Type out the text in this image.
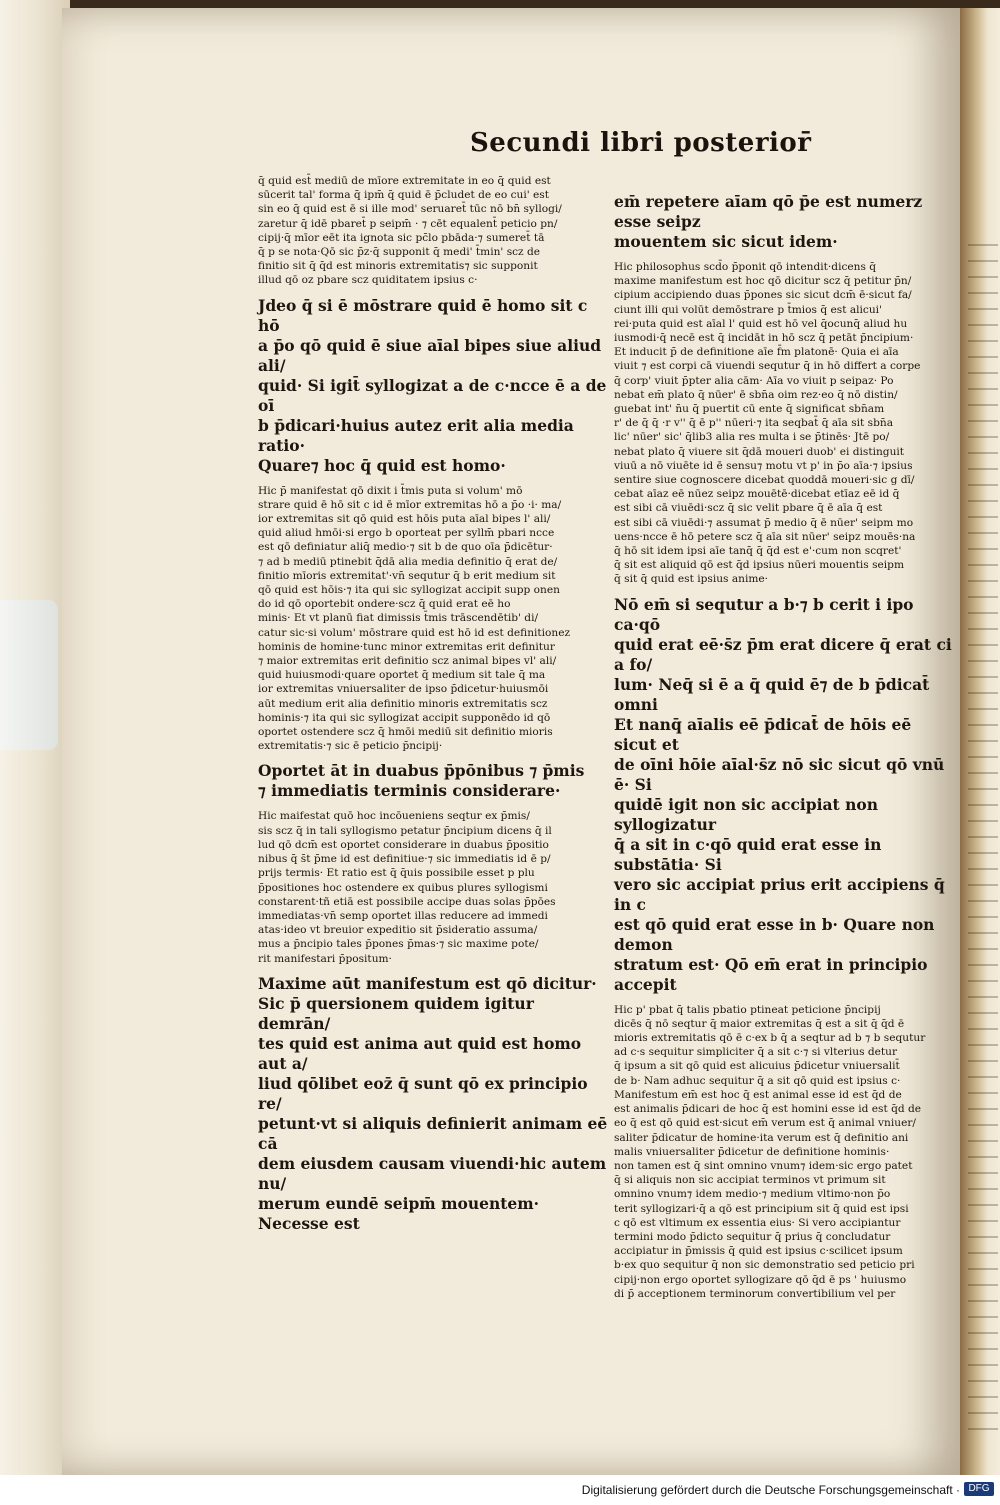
Secundi libri posterior̄

q̄ quid est̄ mediū de mīore extremitate in eo q̄ quid est

sūcerit tal' forma q̄ ipm̄ q̄ quid ē p̄cludet de eo cui' est

sin eo q̄ quid est ē si ille mod' seruaret̄ tūc nō bn̄ syllogi/

zaretur q̄ idē pbaret̄ p seipm̄ · ⁊ cēt equalent̄ peticio pn/

cipij·q̄ mīor eēt ita ignota sic pc̄lo pbāda·⁊ sumeret̄ tā

q̄ p se nota·Qō sic p̄z·q̄ supponit q̄ medi' t̄min' scz de

finitio sit q̄ q̄d est minoris extremitatis⁊ sic supponit

illud qō oz pbare scz quiditatem ipsius c·

Jdeo q̄ si ē mōstrare quid ē homo sit c hō

a p̄o qō quid ē siue aīal bipes siue aliud ali/

quid· Si igit̄ syllogizat a de c·ncce ē a de oī

b p̄dicari·huius autez erit alia media ratio·

Quare⁊ hoc q̄ quid est homo·

Hic p̄ manifestat qō dixit i t̄mis puta si volum' mō

strare quid ē hō sit c id ē mīor extremitas hō a p̄o ·i· ma/

ior extremitas sit qō quid est hōis puta aīal bipes l' ali/

quid aliud hmōi·si ergo b oporteat per syllm̄ pbari ncce

est qō definiatur aliq̄ medio·⁊ sit b de quo oīa p̄dicētur·

⁊ ad b mediū ptinebit q̄dā alia media definitio q̄ erat de/

finitio mīoris extremitat'·vn̄ sequtur q̄ b erit medium sit

qō quid est hōis·⁊ ita qui sic syllogizat accipit supp onen

do id qō oportebit ondere·scz q̄ quid erat eē ho

minis· Et vt planū fiat dimissis t̄mis trāscendētib' di/

catur sic·si volum' mōstrare quid est hō id est definitionez

hominis de homine·tunc minor extremitas erit definitur

⁊ maior extremitas erit definitio scz animal bipes vl' ali/

quid huiusmodi·quare oportet q̄ medium sit tale q̄ ma

ior extremitas vniuersaliter de ipso p̄dicetur·huiusmōi

aūt medium erit alia definitio minoris extremitatis scz

hominis·⁊ ita qui sic syllogizat accipit supponēdo id qō

oportet ostendere scz q̄ hmōi mediū sit definitio mioris

extremitatis·⁊ sic ē peticio p̄ncipij·

Oportet āt in duabus p̄pōnibus ⁊ p̄mis

⁊ immediatis terminis considerare·

Hic maifestat quō hoc incōueniens seqtur ex p̄mis/

sis scz q̄ in tali syllogismo petatur p̄ncipium dicens q̄ il

lud qō dcm̄ est oportet considerare in duabus p̄positio

nibus q̄ s̄t p̄me id est definitiue·⁊ sic immediatis id ē p/

prijs termis· Et ratio est q̄ q̄uis possibile esset p plu

p̄positiones hoc ostendere ex quibus plures syllogismi

constarent·tñ etiā est possibile accipe duas solas p̄pōes

immediatas·vn̄ semp oportet illas reducere ad immedi

atas·ideo vt breuior expeditio sit p̄sideratio assuma/

mus a p̄ncipio tales p̄pones p̄mas·⁊ sic maxime pote/

rit manifestari p̄positum·

Maxime aūt manifestum est qō dicitur·

Sic p̄ quersionem quidem igitur demrān/

tes quid est anima aut quid est homo aut a/

liud qōlibet eoz̄ q̄ sunt qō ex principio re/

petunt·vt si aliquis definierit animam eē cā

dem eiusdem causam viuendi·hic autem nu/

merum eundē seipm̄ mouentem· Necesse est

em̄ repetere aīam qō p̄e est numerz esse seipz

mouentem sic sicut idem·

Hic philosophus scd̄o p̄ponit qō intendit·dicens q̄

maxime manifestum est hoc qō dicitur scz q̄ petitur p̄n/

cipium accipiendo duas p̄pones sic sicut dcm̄ ē·sicut fa/

ciunt illi qui volūt demōstrare p t̄mios q̄ est alicui'

rei·puta quid est aīal l' quid est hō vel q̄ocunq̄ aliud hu

iusmodi·q̄ necē est q̄ incidāt in hō scz q̄ petāt p̄ncipium·

Et inducit p̄ de definitione aīe f̄m platonē· Quia ei aīa

viuit ⁊ est corpi cā viuendi sequtur q̄ in hō differt a corpe

q̄ corp' viuit p̄pter alia cām· Aīa vo viuit p seipaz· Po

nebat em̄ plato q̄ nūer' ē sbn̄a oim rez·eo q̄ nō distin/

guebat int' n̄u q̄ puertit cū ente q̄ significat sbn̄am

r' de q̄ q̄ ·r v'' q̄ ē p'' nūeri·⁊ ita seqbat̄ q̄ aīa sit sbn̄a

lic' nūer' sic' q̄lib3 alia res multa i se p̄tinēs· Jtē po/

nebat plato q̄ viuere sit q̄dā moueri duob' ei distinguit

viuū a nō viuēte id ē sensu⁊ motu vt p' in p̄o aīa·⁊ ipsius

sentire siue cognoscere dicebat quoddā moueri·sic g dī/

cebat aīaz eē nūez seipz mouētē·dicebat etīaz eē id q̄

est sibi cā viuēdi·scz q̄ sic velit pbare q̄ ē aīa q̄ est

est sibi cā viuēdi·⁊ assumat p̄ medio q̄ ē nūer' seipm mo

uens·ncce ē hō petere scz q̄ aīa sit nūer' seipz mouēs·na

q̄ hō sit idem ipsi aīe tanq̄ q̄ q̄d est e'·cum non scqret'

q̄ sit est aliquid qō est q̄d ipsius nūeri mouentis seipm

q̄ sit q̄ quid est ipsius anime·

Nō em̄ si sequtur a b·⁊ b cerit i ipo ca·qō

quid erat eē·s̄z p̄m erat dicere q̄ erat ci a fo/

lum· Neq̄ si ē a q̄ quid ē⁊ de b p̄dicat̄ omni

Et nanq̄ aīalis eē p̄dicat̄ de hōis eē sicut et

de oīni hōie aīal·s̄z nō sic sicut qō vnū ē· Si

quidē igit non sic accipiat non syllogizatur

q̄ a sit in c·qō quid erat esse in substātia· Si

vero sic accipiat prius erit accipiens q̄ in c

est qō quid erat esse in b· Quare non demon

stratum est· Qō em̄ erat in principio accepit

Hic p' pbat q̄ talis pbatio ptineat peticione p̄ncipij

dicēs q̄ nō seqtur q̄ maior extremitas q̄ est a sit q̄ q̄d ē

mioris extremitatis qō ē c·ex b q̄ a seqtur ad b ⁊ b sequtur

ad c·s sequitur simpliciter q̄ a sit c·⁊ si vlterius detur

q̄ ipsum a sit qō quid est alicuius p̄dicetur vniuersalit̄

de b· Nam adhuc sequitur q̄ a sit qō quid est ipsius c·

Manifestum em̄ est hoc q̄ est animal esse id est q̄d de

est animalis p̄dicari de hoc q̄ est homini esse id est q̄d de

eo q̄ est qō quid est·sicut em̄ verum est q̄ animal vniuer/

saliter p̄dicatur de homine·ita verum est q̄ definitio ani

malis vniuersaliter p̄dicetur de definitione hominis·

non tamen est q̄ sint omnino vnum⁊ idem·sic ergo patet

q̄ si aliquis non sic accipiat terminos vt primum sit

omnino vnum⁊ idem medio·⁊ medium vltimo·non p̄o

terit syllogizari·q̄ a qō est principium sit q̄ quid est ipsi

c qō est vltimum ex essentia eius· Si vero accipiantur

termini modo p̄dicto sequitur q̄ prius q̄ concludatur

accipiatur in p̄missis q̄ quid est ipsius c·scilicet ipsum

b·ex quo sequitur q̄ non sic demonstratio sed peticio pri

cipij·non ergo oportet syllogizare qō q̄d ē ps ' huiusmo

di p̄ acceptionem terminorum convertibilium vel per

Digitalisierung gefördert durch die Deutsche Forschungsgemeinschaft · DFG
